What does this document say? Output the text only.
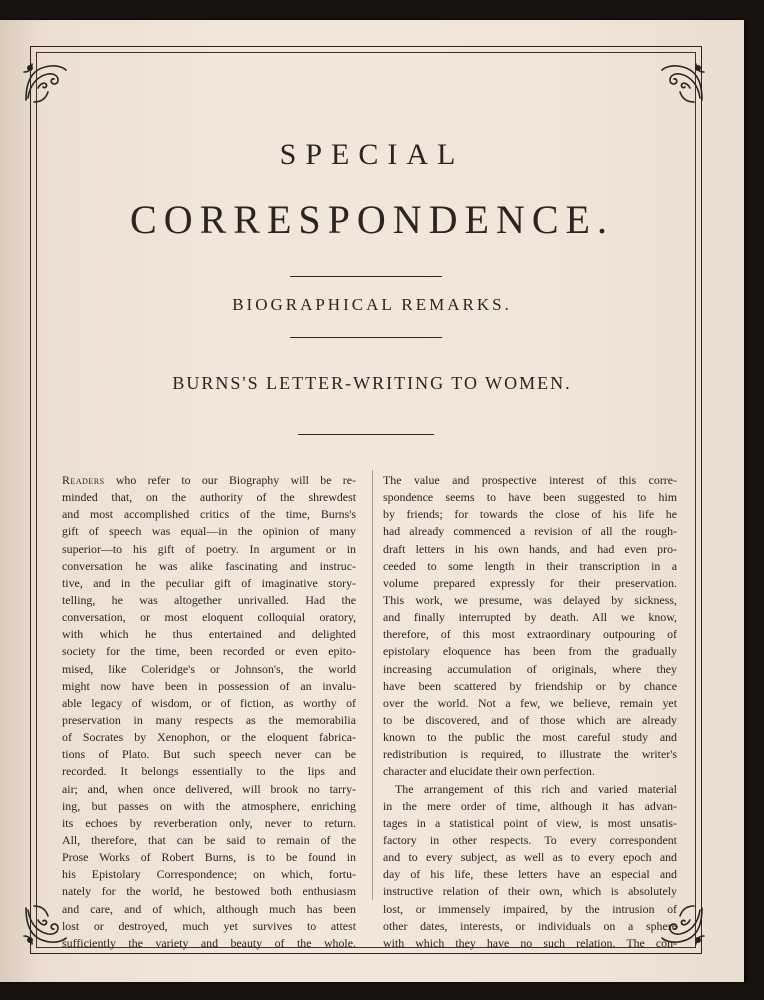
SPECIAL
CORRESPONDENCE.
BIOGRAPHICAL REMARKS.
BURNS'S LETTER-WRITING TO WOMEN.
Readers who refer to our Biography will be re-
minded that, on the authority of the shrewdest
and most accomplished critics of the time, Burns's
gift of speech was equal—in the opinion of many
superior—to his gift of poetry. In argument or in
conversation he was alike fascinating and instruc-
tive, and in the peculiar gift of imaginative story-
telling, he was altogether unrivalled. Had the
conversation, or most eloquent colloquial oratory,
with which he thus entertained and delighted
society for the time, been recorded or even epito-
mised, like Coleridge's or Johnson's, the world
might now have been in possession of an invalu-
able legacy of wisdom, or of fiction, as worthy of
preservation in many respects as the memorabilia
of Socrates by Xenophon, or the eloquent fabrica-
tions of Plato. But such speech never can be
recorded. It belongs essentially to the lips and
air; and, when once delivered, will brook no tarry-
ing, but passes on with the atmosphere, enriching
its echoes by reverberation only, never to return.
All, therefore, that can be said to remain of the
Prose Works of Robert Burns, is to be found in
his Epistolary Correspondence; on which, fortu-
nately for the world, he bestowed both enthusiasm
and care, and of which, although much has been
lost or destroyed, much yet survives to attest
sufficiently the variety and beauty of the whole.
The value and prospective interest of this corre-
spondence seems to have been suggested to him
by friends; for towards the close of his life he
had already commenced a revision of all the rough-
draft letters in his own hands, and had even pro-
ceeded to some length in their transcription in a
volume prepared expressly for their preservation.
This work, we presume, was delayed by sickness,
and finally interrupted by death. All we know,
therefore, of this most extraordinary outpouring of
epistolary eloquence has been from the gradually
increasing accumulation of originals, where they
have been scattered by friendship or by chance
over the world. Not a few, we believe, remain yet
to be discovered, and of those which are already
known to the public the most careful study and
redistribution is required, to illustrate the writer's
character and elucidate their own perfection.
The arrangement of this rich and varied material
in the mere order of time, although it has advan-
tages in a statistical point of view, is most unsatis-
factory in other respects. To every correspondent
and to every subject, as well as to every epoch and
day of his life, these letters have an especial and
instructive relation of their own, which is absolutely
lost, or immensely impaired, by the intrusion of
other dates, interests, or individuals on a sphere
with which they have no such relation. The con-
